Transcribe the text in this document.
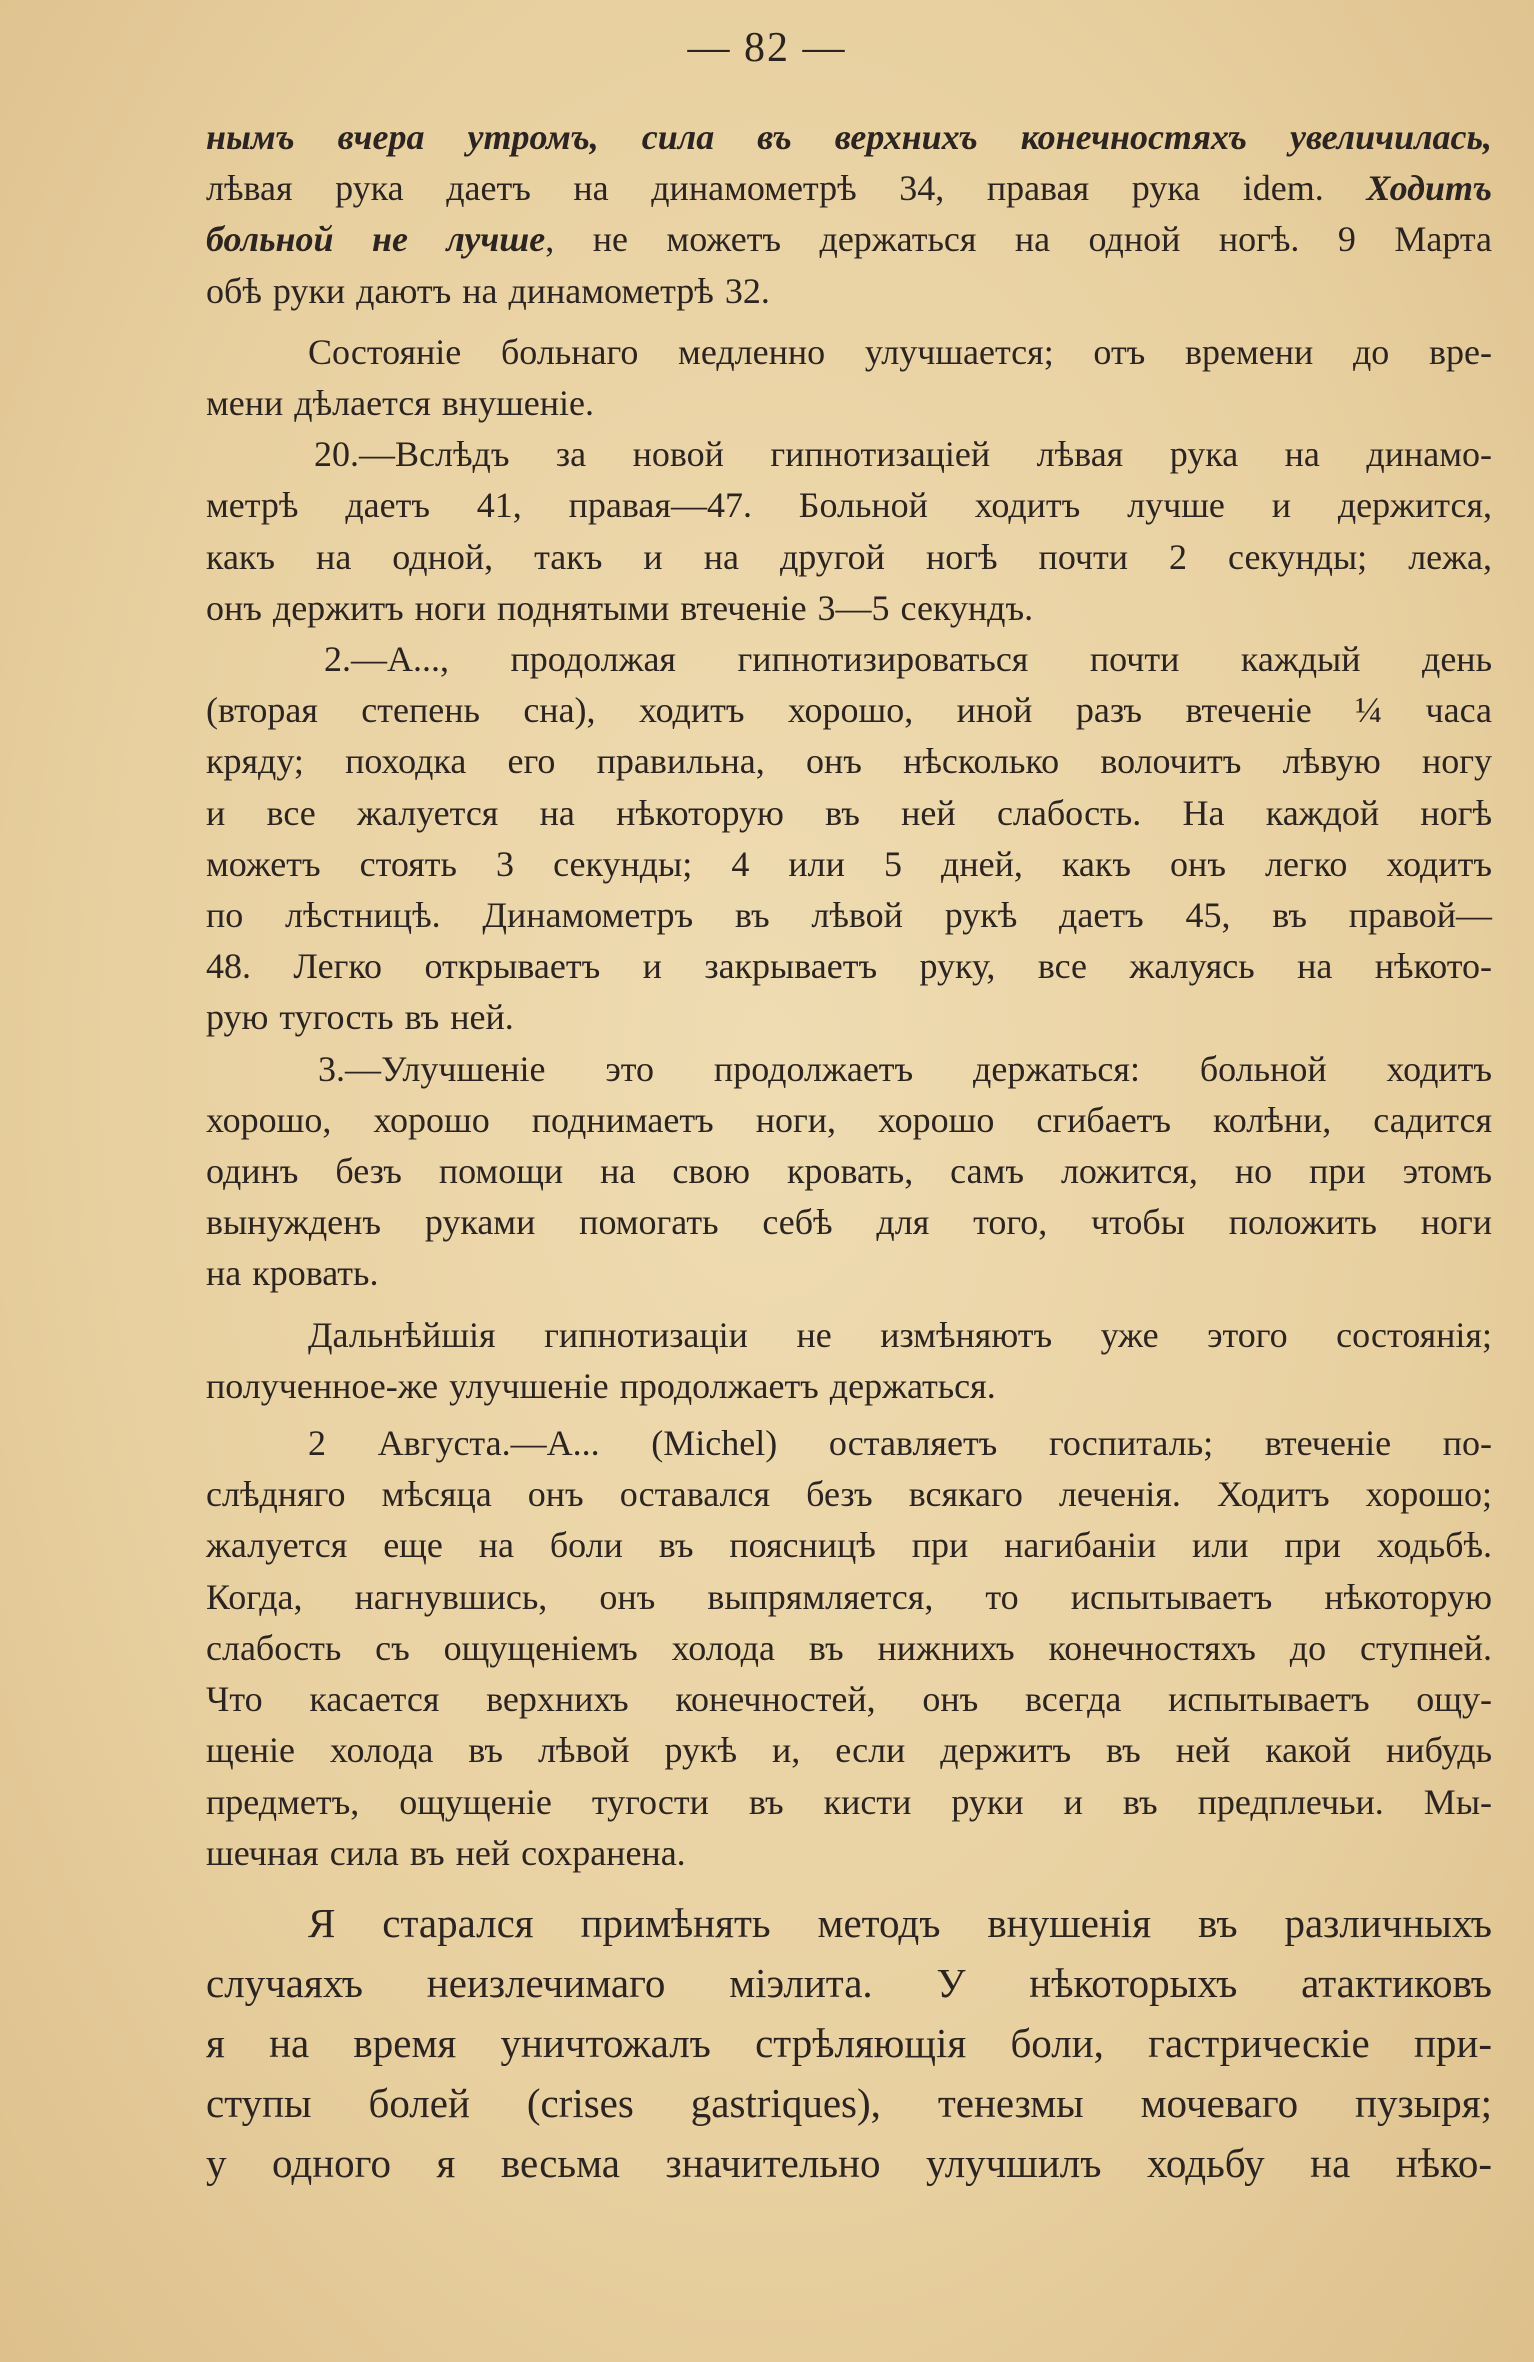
— 82 —
нымъ вчера утромъ, сила въ верхнихъ конечностяхъ увеличилась,
лѣвая рука даетъ на динамометрѣ 34, правая рука idem. Ходитъ
больной не лучше, не можетъ держаться на одной ногѣ. 9 Марта
обѣ руки даютъ на динамометрѣ 32.
Состоянiе больнаго медленно улучшается; отъ времени до вре-
мени дѣлается внушенiе.
20.—Вслѣдъ за новой гипнотизацiей лѣвая рука на динамо-
метрѣ даетъ 41, правая—47. Больной ходитъ лучше и держится,
какъ на одной, такъ и на другой ногѣ почти 2 секунды; лежа,
онъ держитъ ноги поднятыми втеченiе 3—5 секундъ.
2.—А..., продолжая гипнотизироваться почти каждый день
(вторая степень сна), ходитъ хорошо, иной разъ втеченiе ¼ часа
кряду; походка его правильна, онъ нѣсколько волочитъ лѣвую ногу
и все жалуется на нѣкоторую въ ней слабость. На каждой ногѣ
можетъ стоять 3 секунды; 4 или 5 дней, какъ онъ легко ходитъ
по лѣстницѣ. Динамометръ въ лѣвой рукѣ даетъ 45, въ правой—
48. Легко открываетъ и закрываетъ руку, все жалуясь на нѣкото-
рую тугость въ ней.
3.—Улучшенiе это продолжаетъ держаться: больной ходитъ
хорошо, хорошо поднимаетъ ноги, хорошо сгибаетъ колѣни, садится
одинъ безъ помощи на свою кровать, самъ ложится, но при этомъ
вынужденъ руками помогать себѣ для того, чтобы положить ноги
на кровать.
Дальнѣйшiя гипнотизацiи не измѣняютъ уже этого состоянiя;
полученное-же улучшенiе продолжаетъ держаться.
2 Августа.—А... (Michel) оставляетъ госпиталь; втеченiе по-
слѣдняго мѣсяца онъ оставался безъ всякаго леченiя. Ходитъ хорошо;
жалуется еще на боли въ поясницѣ при нагибанiи или при ходьбѣ.
Когда, нагнувшись, онъ выпрямляется, то испытываетъ нѣкоторую
слабость съ ощущенiемъ холода въ нижнихъ конечностяхъ до ступней.
Что касается верхнихъ конечностей, онъ всегда испытываетъ ощу-
щенiе холода въ лѣвой рукѣ и, если держитъ въ ней какой нибудь
предметъ, ощущенiе тугости въ кисти руки и въ предплечьи. Мы-
шечная сила въ ней сохранена.
Я старался примѣнять методъ внушенiя въ различныхъ
случаяхъ неизлечимаго мiэлита. У нѣкоторыхъ атактиковъ
я на время уничтожалъ стрѣляющiя боли, гастрическiе при-
ступы болей (crises gastriques), тенезмы мочеваго пузыря;
у одного я весьма значительно улучшилъ ходьбу на нѣко-
